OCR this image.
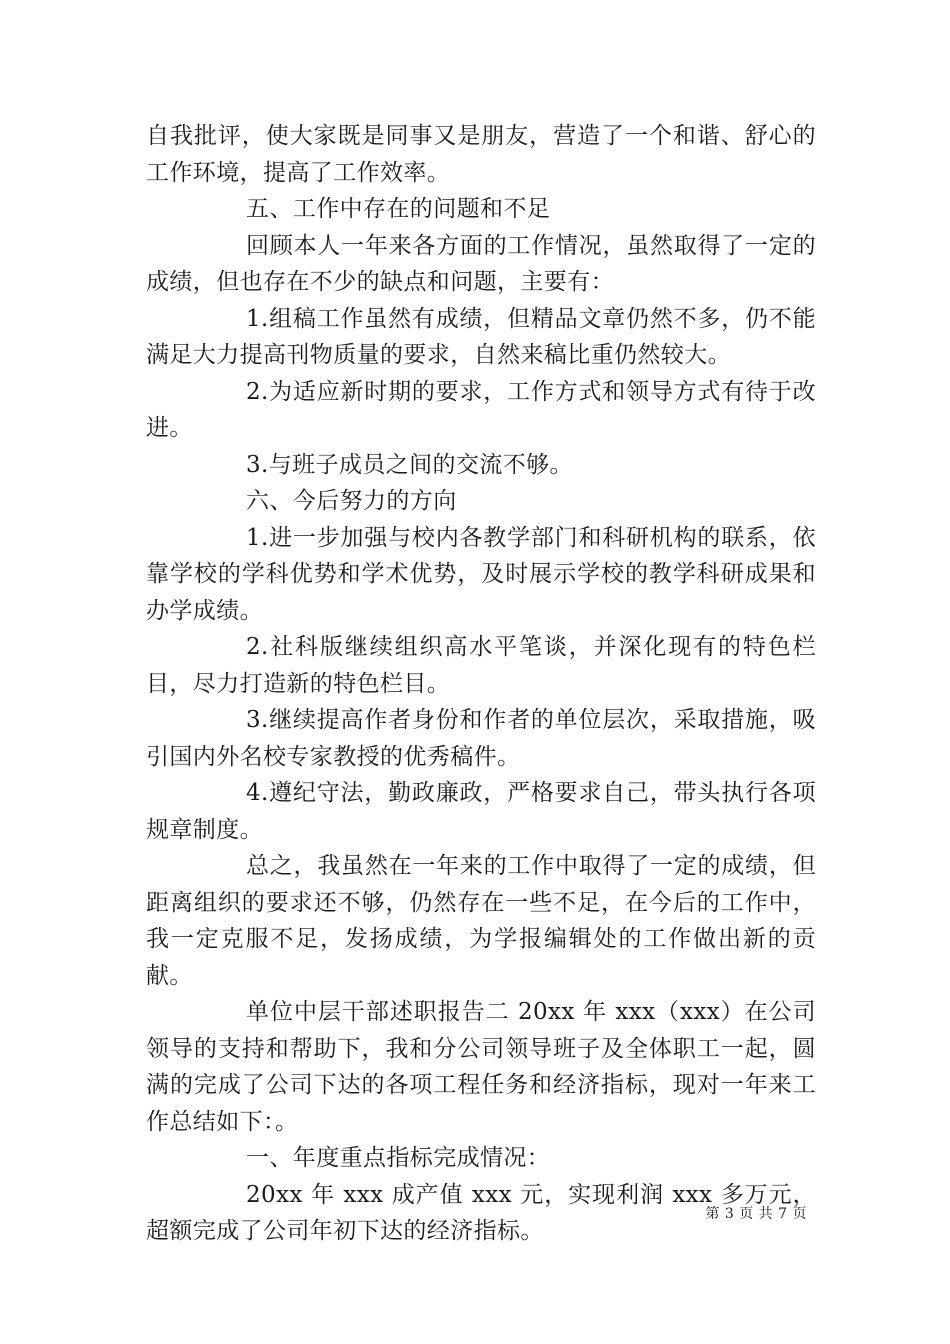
自我批评，使大家既是同事又是朋友，营造了一个和谐、舒心的工作环境，提高了工作效率。

五、工作中存在的问题和不足

回顾本人一年来各方面的工作情况，虽然取得了一定的成绩，但也存在不少的缺点和问题，主要有：

1.组稿工作虽然有成绩，但精品文章仍然不多，仍不能满足大力提高刊物质量的要求，自然来稿比重仍然较大。

2.为适应新时期的要求，工作方式和领导方式有待于改进。

3.与班子成员之间的交流不够。

六、今后努力的方向

1.进一步加强与校内各教学部门和科研机构的联系，依靠学校的学科优势和学术优势，及时展示学校的教学科研成果和办学成绩。

2.社科版继续组织高水平笔谈，并深化现有的特色栏目，尽力打造新的特色栏目。

3.继续提高作者身份和作者的单位层次，采取措施，吸引国内外名校专家教授的优秀稿件。

4.遵纪守法，勤政廉政，严格要求自己，带头执行各项规章制度。

总之，我虽然在一年来的工作中取得了一定的成绩，但距离组织的要求还不够，仍然存在一些不足，在今后的工作中，我一定克服不足，发扬成绩，为学报编辑处的工作做出新的贡献。

单位中层干部述职报告二 20xx 年 xxx（xxx）在公司领导的支持和帮助下，我和分公司领导班子及全体职工一起，圆满的完成了公司下达的各项工程任务和经济指标，现对一年来工作总结如下：。

一、年度重点指标完成情况：

20xx 年 xxx 成产值 xxx 元，实现利润 xxx 多万元，超额完成了公司年初下达的经济指标。

第 3 页 共 7 页
